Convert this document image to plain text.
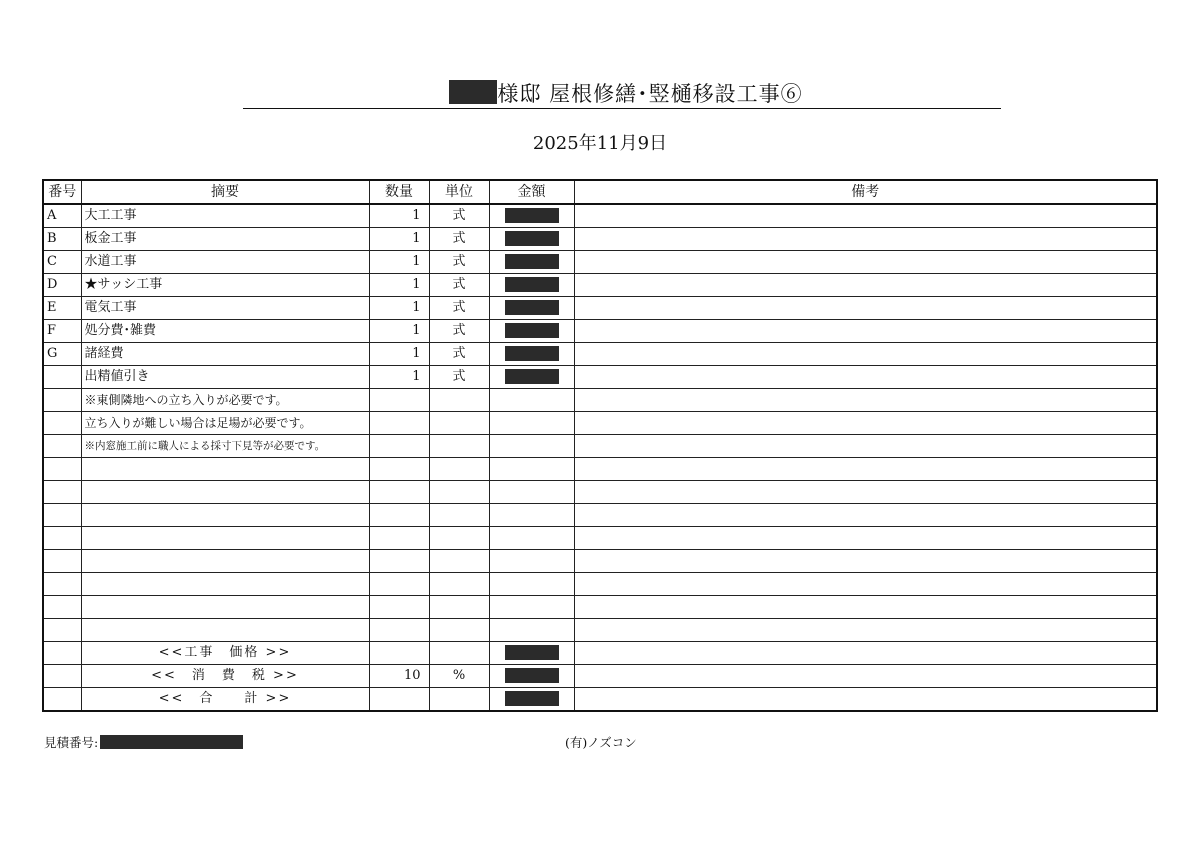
様邸 屋根修繕･竪樋移設工事⑥
2025年11月9日
番号	摘要	数量	単位	金額	備考
A	大工工事	1	式		
B	板金工事	1	式		
C	水道工事	1	式		
D	★サッシ工事	1	式		
E	電気工事	1	式		
F	処分費･雑費	1	式		
G	諸経費	1	式		
	出精値引き	1	式		
	※東側隣地への立ち入りが必要です。				
	立ち入りが難しい場合は足場が必要です。				
	※内窓施工前に職人による採寸下見等が必要です。				

	<<工事　価格 >>				
	<<　消　費　税 >>	10	%		
	<<　合　　計 >>				
見積番号:	(有)ノズコン
